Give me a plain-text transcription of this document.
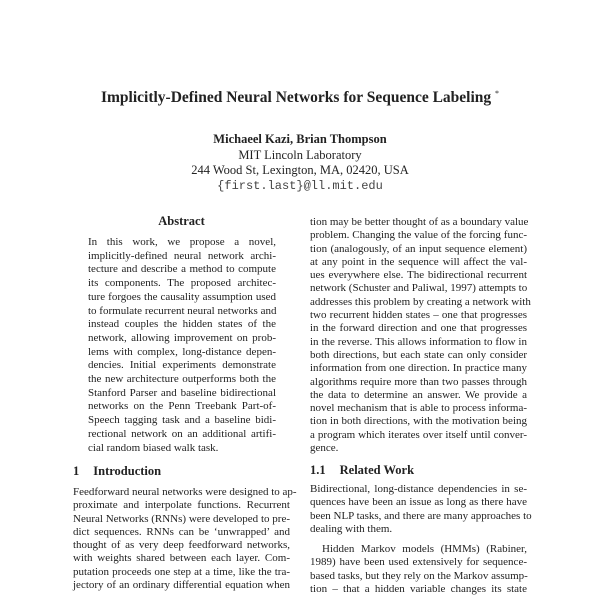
Implicitly-Defined Neural Networks for Sequence Labeling *
Michaeel Kazi, Brian Thompson
MIT Lincoln Laboratory
244 Wood St, Lexington, MA, 02420, USA
{first.last}@ll.mit.edu
Abstract
In this work, we propose a novel,
implicitly-defined neural network archi-
tecture and describe a method to compute
its components. The proposed architec-
ture forgoes the causality assumption used
to formulate recurrent neural networks and
instead couples the hidden states of the
network, allowing improvement on prob-
lems with complex, long-distance depen-
dencies. Initial experiments demonstrate
the new architecture outperforms both the
Stanford Parser and baseline bidirectional
networks on the Penn Treebank Part-of-
Speech tagging task and a baseline bidi-
rectional network on an additional artifi-
cial random biased walk task.
1 Introduction
Feedforward neural networks were designed to ap-
proximate and interpolate functions. Recurrent
Neural Networks (RNNs) were developed to pre-
dict sequences. RNNs can be ‘unwrapped’ and
thought of as very deep feedforward networks,
with weights shared between each layer. Com-
putation proceeds one step at a time, like the tra-
jectory of an ordinary differential equation when
tion may be better thought of as a boundary value
problem. Changing the value of the forcing func-
tion (analogously, of an input sequence element)
at any point in the sequence will affect the val-
ues everywhere else. The bidirectional recurrent
network (Schuster and Paliwal, 1997) attempts to
addresses this problem by creating a network with
two recurrent hidden states – one that progresses
in the forward direction and one that progresses
in the reverse. This allows information to flow in
both directions, but each state can only consider
information from one direction. In practice many
algorithms require more than two passes through
the data to determine an answer. We provide a
novel mechanism that is able to process informa-
tion in both directions, with the motivation being
a program which iterates over itself until conver-
gence.
1.1 Related Work
Bidirectional, long-distance dependencies in se-
quences have been an issue as long as there have
been NLP tasks, and there are many approaches to
dealing with them.
Hidden Markov models (HMMs) (Rabiner,
1989) have been used extensively for sequence-
based tasks, but they rely on the Markov assump-
tion – that a hidden variable changes its state
